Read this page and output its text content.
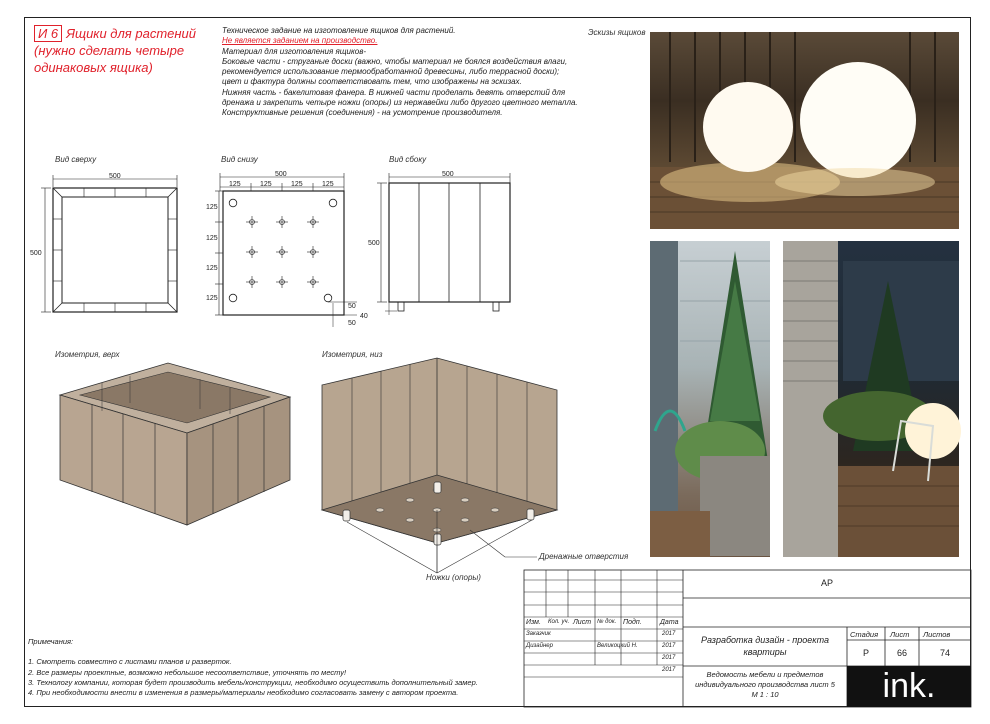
И 6 Ящики для растений
(нужно сделать четыре
одинаковых ящика)
Техническое задание на изготовление ящиков для растений.
Не является заданием на производство.
Материал для изготовления ящиков-
Боковые части - струганые доски (важно, чтобы материал не боялся воздействия влаги,
рекомендуется использование термообработанной древесины, либо террасной доски);
цвет и фактура должны соответствовать тем, что изображены на эскизах.
Нижняя часть - бакелитовая фанера. В нижней части проделать девять отверстий для
дренажа и закрепить четыре ножки (опоры) из нержавейки либо другого цветного металла.
Конструктивные решения (соединения) - на усмотрение производителя.
Вид сверху	Вид снизу	Вид сбоку
Изометрия, верх	Изометрия, низ
Эскизы ящиков
500
500
500
125	125	125	125
125
125
125
125
50
50
500
500
40
Дренажные отверстия
Ножки (опоры)
Примечания:
1. Смотреть совместно с листами планов и разверток.
2. Все размеры проектные, возможно небольшое несоответствие, уточнять по месту!
3. Технологу компании, которая будет производить мебель/конструкции, необходимо осуществить дополнительный замер.
4. При необходимости внести в изменения в размеры/материалы необходимо согласовать замену с автором проекта.
Изм. Кол. уч. Лист № док. Подп.	Дата
Заказчик	2017
Дизайнер	Великоцкий Н.	2017
2017
2017
АР
Разработка дизайн - проекта
квартиры
Стадия Лист Листов
Р	66	74
Ведомость мебели и предметов
индивидуального производства лист 5
М 1 : 10	ink.
